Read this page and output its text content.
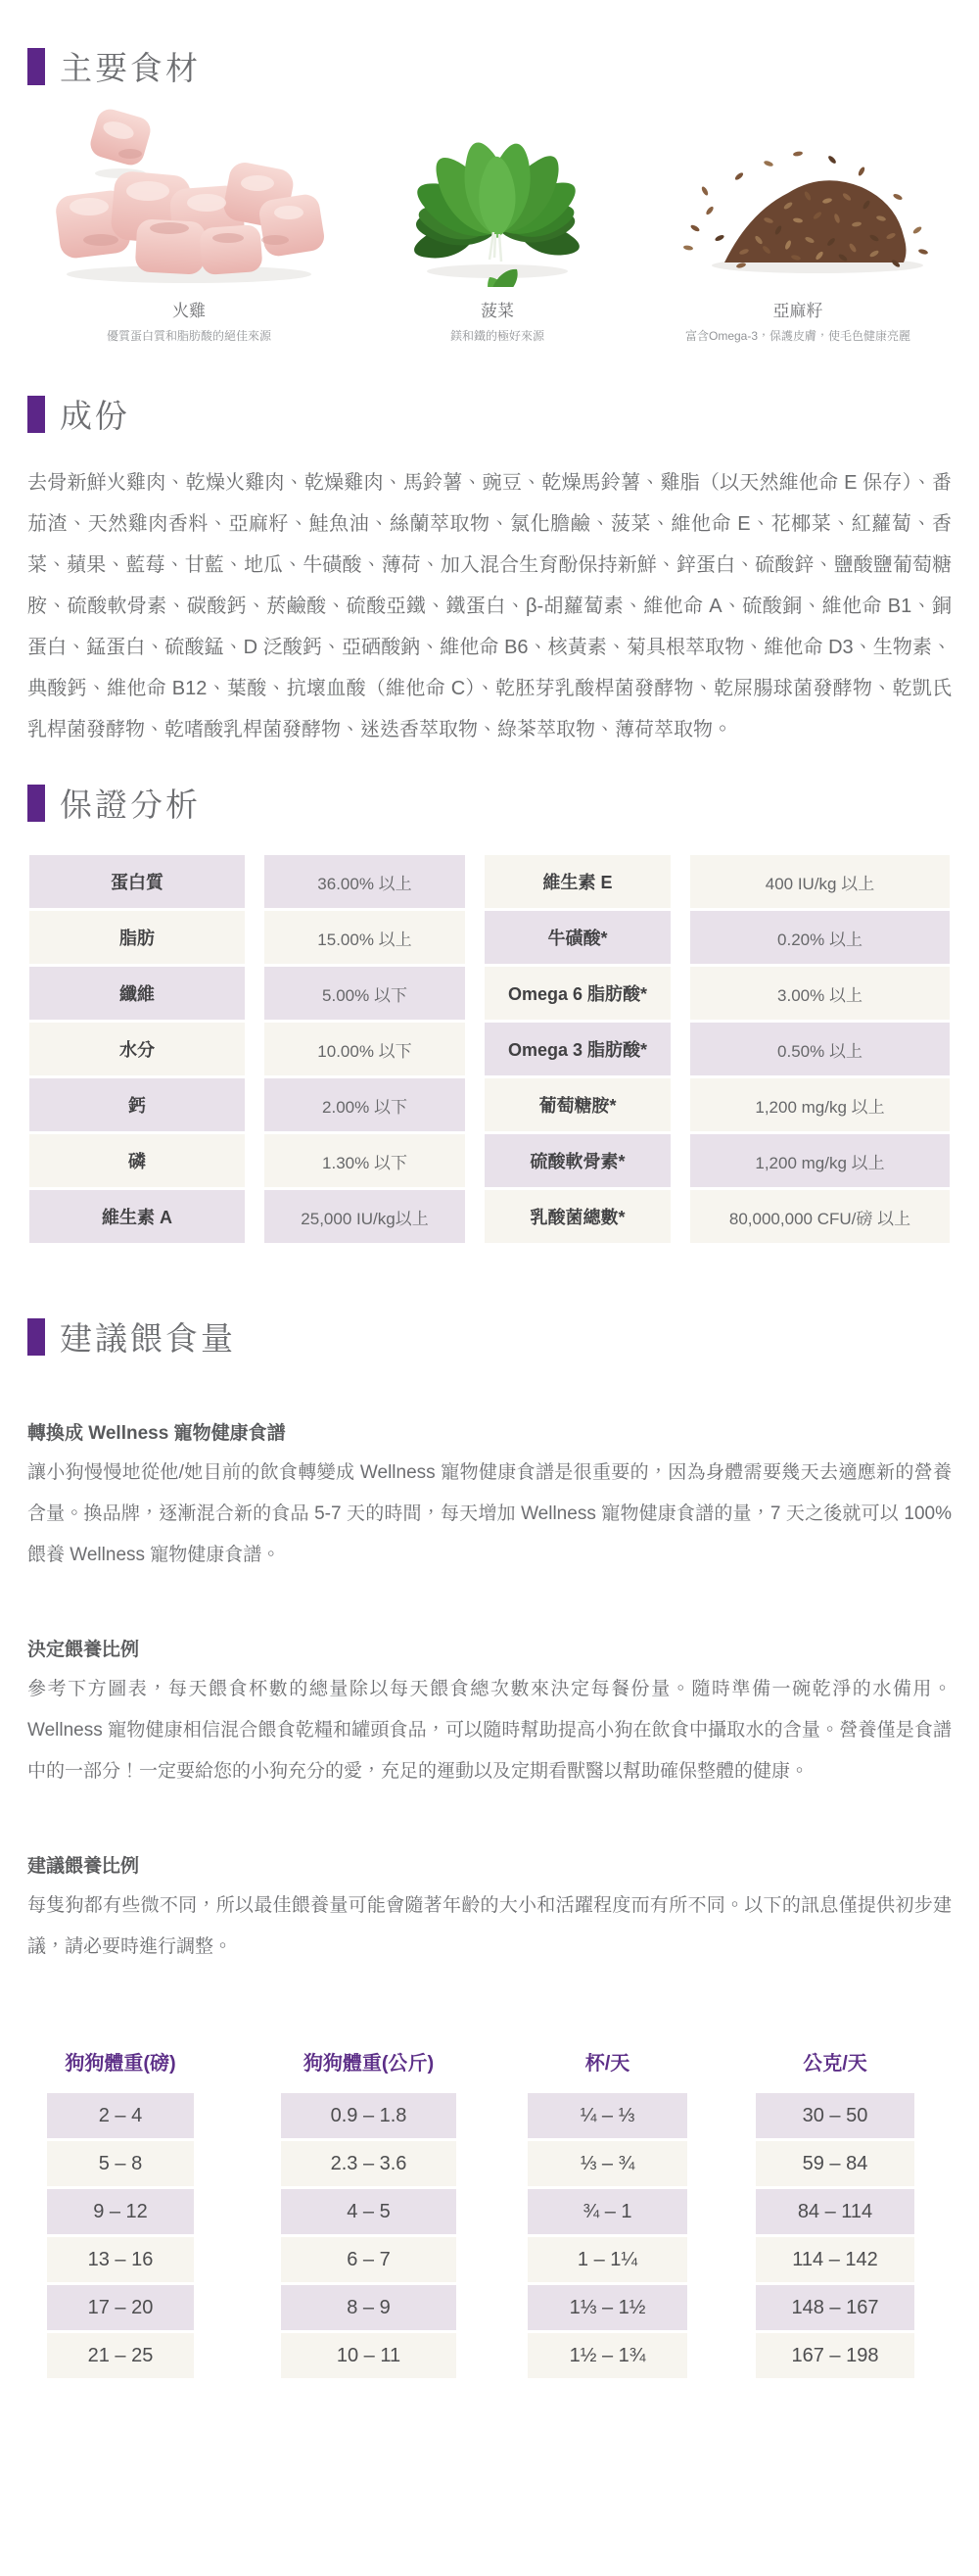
主要食材
火雞
優質蛋白質和脂肪酸的絕佳來源
菠菜
鎂和鐵的極好來源
亞麻籽
富含Omega-3，保護皮膚，使毛色健康亮麗
成份

去骨新鮮火雞肉、乾燥火雞肉、乾燥雞肉、馬鈴薯、豌豆、乾燥馬鈴薯、雞脂（以天然維他命 E 保存）、番茄渣、天然雞肉香料、亞麻籽、鮭魚油、絲蘭萃取物、氯化膽鹼、菠菜、維他命 E、花椰菜、紅蘿蔔、香菜、蘋果、藍莓、甘藍、地瓜、牛磺酸、薄荷、加入混合生育酚保持新鮮、鋅蛋白、硫酸鋅、鹽酸鹽葡萄糖胺、硫酸軟骨素、碳酸鈣、菸鹼酸、硫酸亞鐵、鐵蛋白、β-胡蘿蔔素、維他命 A、硫酸銅、維他命 B1、銅蛋白、錳蛋白、硫酸錳、D 泛酸鈣、亞硒酸鈉、維他命 B6、核黃素、菊具根萃取物、維他命 D3、生物素、典酸鈣、維他命 B12、葉酸、抗壞血酸（維他命 C）、乾胚芽乳酸桿菌發酵物、乾屎腸球菌發酵物、乾凱氏乳桿菌發酵物、乾嗜酸乳桿菌發酵物、迷迭香萃取物、綠茶萃取物、薄荷萃取物。

保證分析
蛋白質	36.00% 以上	維生素 E	400 IU/kg 以上
脂肪	15.00% 以上	牛磺酸*	0.20% 以上
纖維	5.00% 以下	Omega 6 脂肪酸*	3.00% 以上
水分	10.00% 以下	Omega 3 脂肪酸*	0.50% 以上
鈣	2.00% 以下	葡萄糖胺*	1,200 mg/kg 以上
磷	1.30% 以下	硫酸軟骨素*	1,200 mg/kg 以上
維生素 A	25,000 IU/kg以上	乳酸菌總數*	80,000,000 CFU/磅 以上
建議餵食量
轉換成 Wellness 寵物健康食譜

讓小狗慢慢地從他/她目前的飲食轉變成 Wellness 寵物健康食譜是很重要的，因為身體需要幾天去適應新的營養含量。換品牌，逐漸混合新的食品 5-7 天的時間，每天增加 Wellness 寵物健康食譜的量，7 天之後就可以 100% 餵養 Wellness 寵物健康食譜。

決定餵養比例

參考下方圖表，每天餵食杯數的總量除以每天餵食總次數來決定每餐份量。隨時準備一碗乾淨的水備用。Wellness 寵物健康相信混合餵食乾糧和罐頭食品，可以隨時幫助提高小狗在飲食中攝取水的含量。營養僅是食譜中的一部分！一定要給您的小狗充分的愛，充足的運動以及定期看獸醫以幫助確保整體的健康。

建議餵養比例

每隻狗都有些微不同，所以最佳餵養量可能會隨著年齡的大小和活躍程度而有所不同。以下的訊息僅提供初步建議，請必要時進行調整。

狗狗體重(磅)	狗狗體重(公斤)	杯/天	公克/天
2 – 4	0.9 – 1.8	¼ – ⅓	30 – 50
5 – 8	2.3 – 3.6	⅓ – ¾	59 – 84
9 – 12	4 – 5	¾ – 1	84 – 114
13 – 16	6 – 7	1 – 1¼	114 – 142
17 – 20	8 – 9	1⅓ – 1½	148 – 167
21 – 25	10 – 11	1½ – 1¾	167 – 198
